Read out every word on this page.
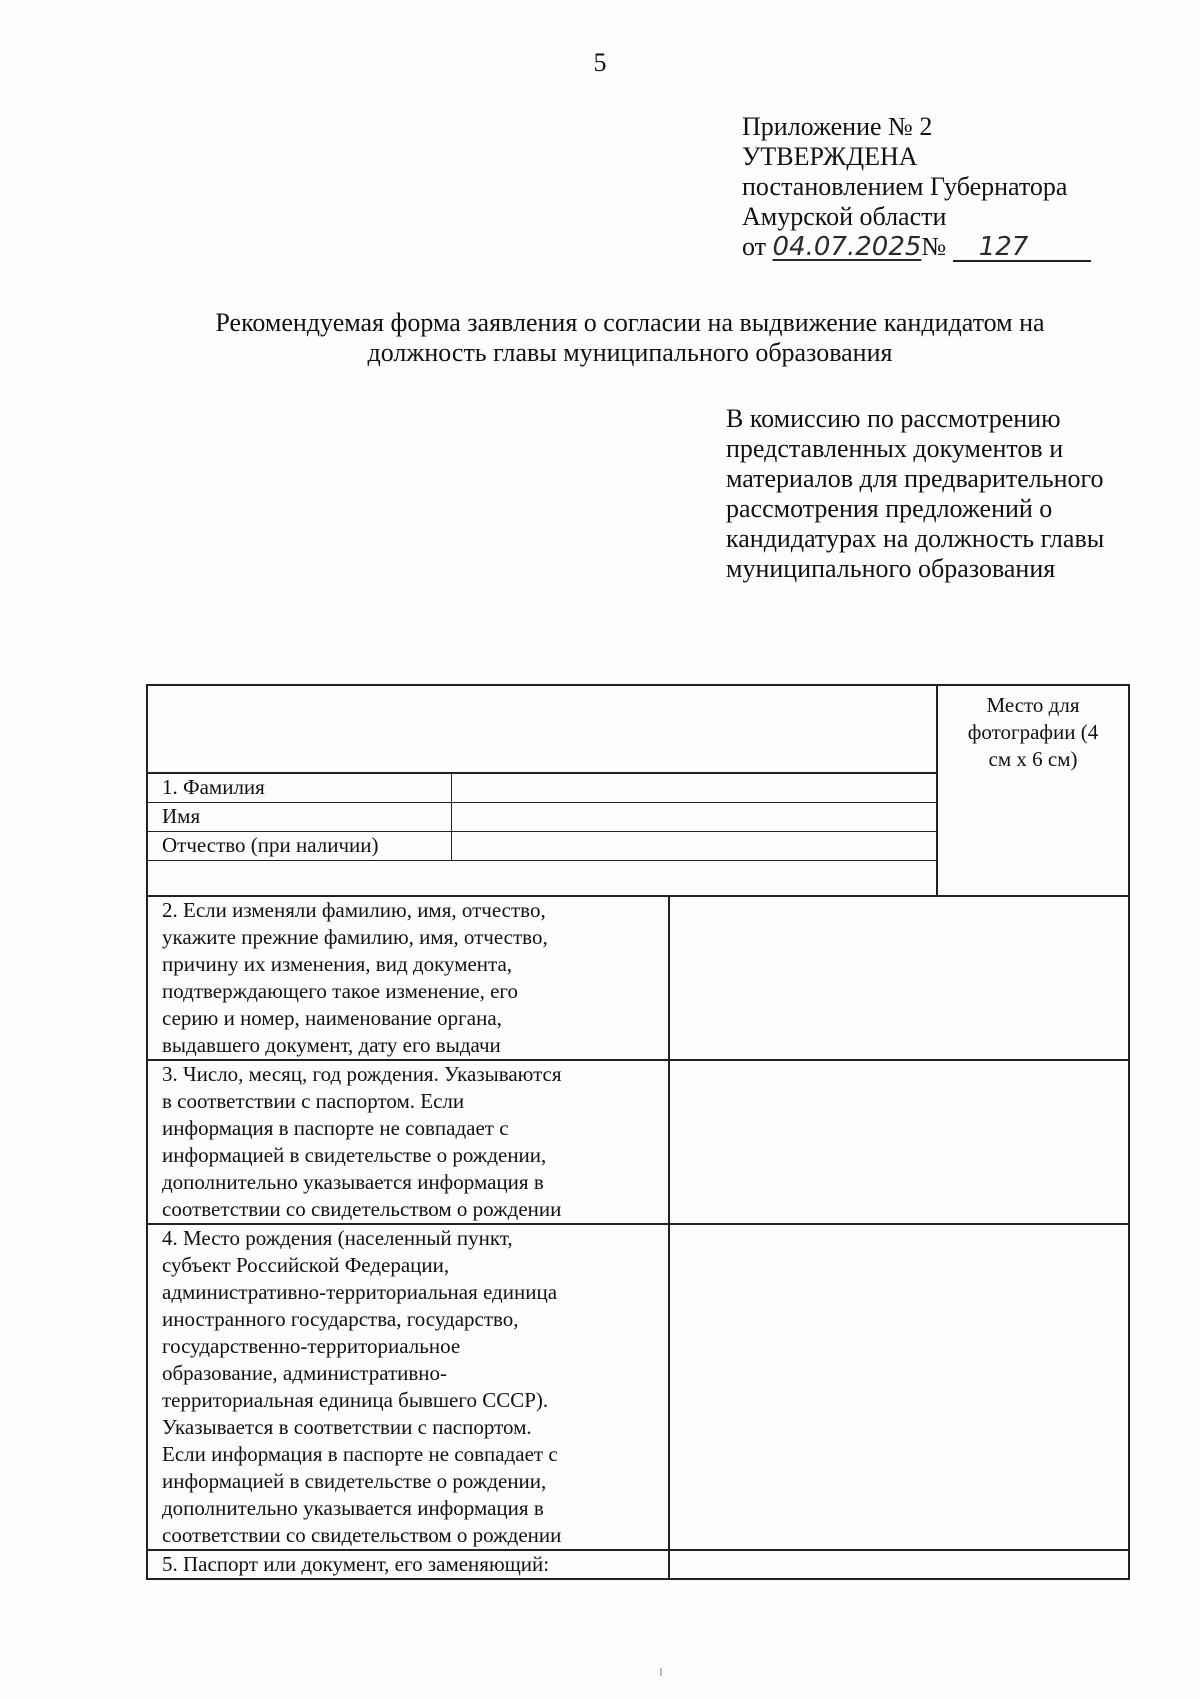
5
Приложение № 2
УТВЕРЖДЕНА
постановлением Губернатора
Амурской области
от 04.07.2025№ 127
Рекомендуемая форма заявления о согласии на выдвижение кандидатом на
должность главы муниципального образования
В комиссию по рассмотрению
представленных документов и
материалов для предварительного
рассмотрения предложений о
кандидатурах на должность главы
муниципального образования
1. Фамилия
Имя
Отчество (при наличии)
Место для
фотографии (4
см х 6 см)
2. Если изменяли фамилию, имя, отчество,
укажите прежние фамилию, имя, отчество,
причину их изменения, вид документа,
подтверждающего такое изменение, его
серию и номер, наименование органа,
выдавшего документ, дату его выдачи
3. Число, месяц, год рождения. Указываются
в соответствии с паспортом. Если
информация в паспорте не совпадает с
информацией в свидетельстве о рождении,
дополнительно указывается информация в
соответствии со свидетельством о рождении
4. Место рождения (населенный пункт,
субъект Российской Федерации,
административно-территориальная единица
иностранного государства, государство,
государственно-территориальное
образование, административно-
территориальная единица бывшего СССР).
Указывается в соответствии с паспортом.
Если информация в паспорте не совпадает с
информацией в свидетельстве о рождении,
дополнительно указывается информация в
соответствии со свидетельством о рождении
5. Паспорт или документ, его заменяющий:
